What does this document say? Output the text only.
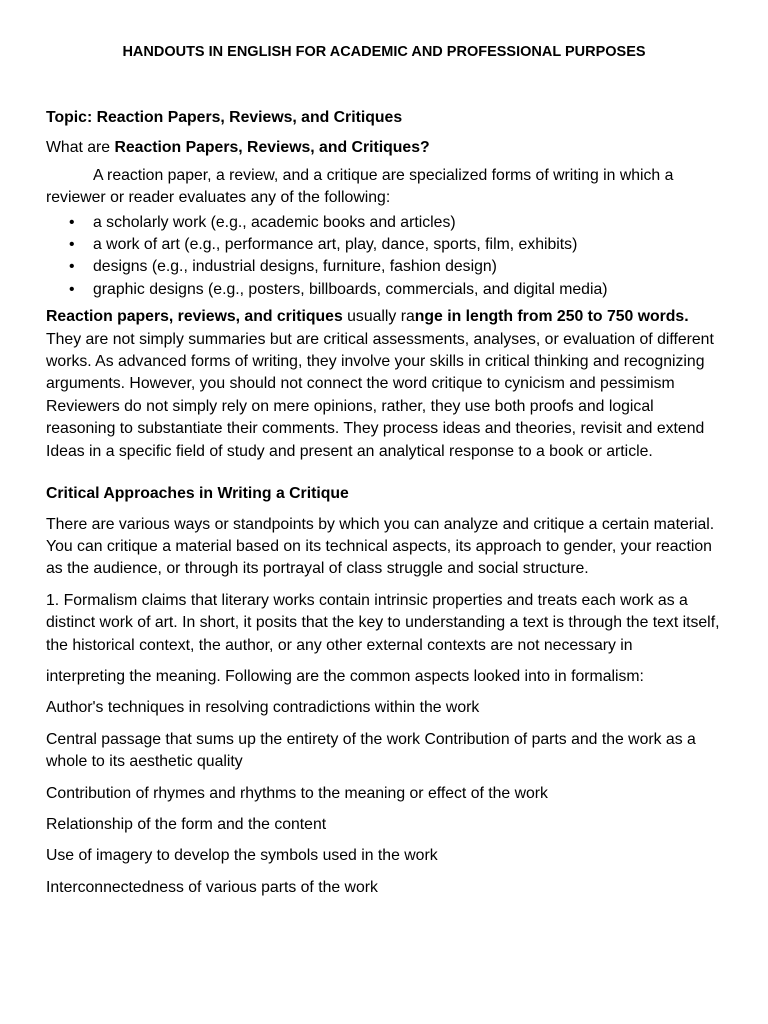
HANDOUTS IN ENGLISH FOR ACADEMIC AND PROFESSIONAL PURPOSES

Topic: Reaction Papers, Reviews, and Critiques

What are Reaction Papers, Reviews, and Critiques?

A reaction paper, a review, and a critique are specialized forms of writing in which a reviewer or reader evaluates any of the following:

• a scholarly work (e.g., academic books and articles)
• a work of art (e.g., performance art, play, dance, sports, film, exhibits)
• designs (e.g., industrial designs, furniture, fashion design)
• graphic designs (e.g., posters, billboards, commercials, and digital media)

Reaction papers, reviews, and critiques usually range in length from 250 to 750 words. They are not simply summaries but are critical assessments, analyses, or evaluation of different works. As advanced forms of writing, they involve your skills in critical thinking and recognizing arguments. However, you should not connect the word critique to cynicism and pessimism Reviewers do not simply rely on mere opinions, rather, they use both proofs and logical reasoning to substantiate their comments. They process ideas and theories, revisit and extend Ideas in a specific field of study and present an analytical response to a book or article.

Critical Approaches in Writing a Critique

There are various ways or standpoints by which you can analyze and critique a certain material. You can critique a material based on its technical aspects, its approach to gender, your reaction as the audience, or through its portrayal of class struggle and social structure.

1. Formalism claims that literary works contain intrinsic properties and treats each work as a distinct work of art. In short, it posits that the key to understanding a text is through the text itself, the historical context, the author, or any other external contexts are not necessary in

interpreting the meaning. Following are the common aspects looked into in formalism:

Author's techniques in resolving contradictions within the work

Central passage that sums up the entirety of the work Contribution of parts and the work as a whole to its aesthetic quality

Contribution of rhymes and rhythms to the meaning or effect of the work

Relationship of the form and the content

Use of imagery to develop the symbols used in the work

Interconnectedness of various parts of the work
